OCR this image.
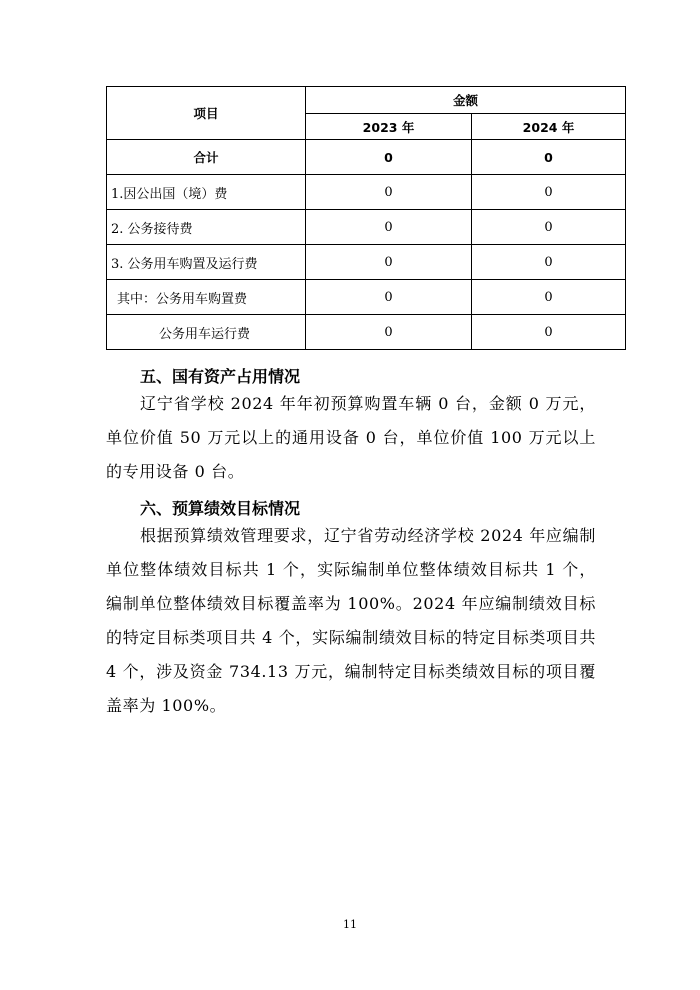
项目	金额	
	2023 年	2024 年
合计	0	0
1.因公出国（境）费	0	0
2. 公务接待费	0	0
3. 公务用车购置及运行费	0	0
其中：公务用车购置费	0	0
公务用车运行费	0	0
五、国有资产占用情况

辽宁省学校 2024 年年初预算购置车辆 0 台，金额 0 万元，单位价值 50 万元以上的通用设备 0 台，单位价值 100 万元以上的专用设备 0 台。

六、预算绩效目标情况

根据预算绩效管理要求，辽宁省劳动经济学校 2024 年应编制单位整体绩效目标共 1 个，实际编制单位整体绩效目标共 1 个，编制单位整体绩效目标覆盖率为 100%。2024 年应编制绩效目标的特定目标类项目共 4 个，实际编制绩效目标的特定目标类项目共 4 个，涉及资金 734.13 万元，编制特定目标类绩效目标的项目覆盖率为 100%。

11
